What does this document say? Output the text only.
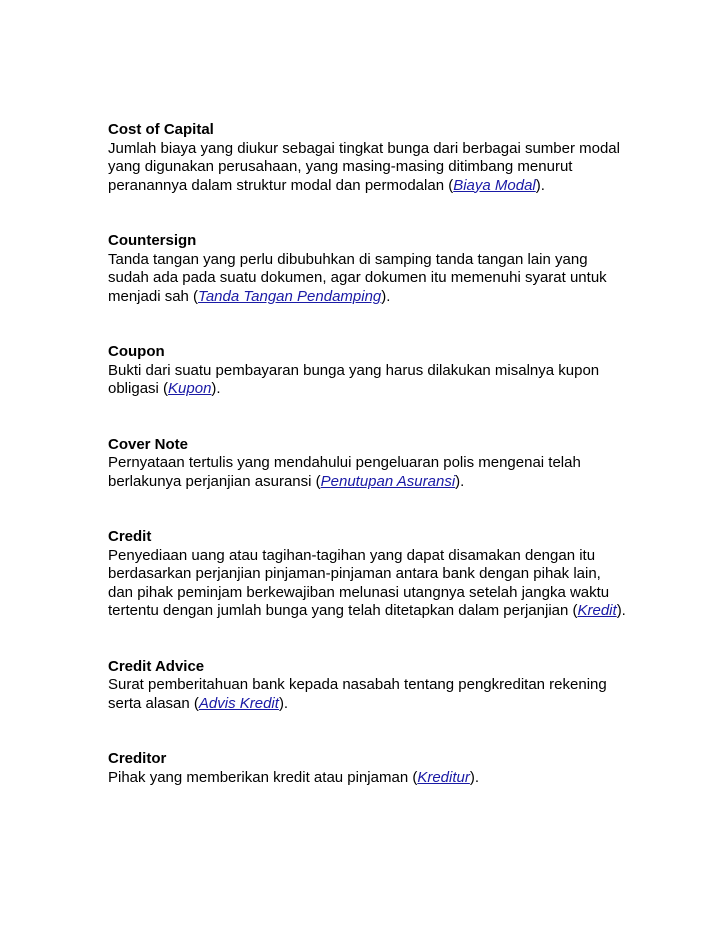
Cost of Capital

Jumlah biaya yang diukur sebagai tingkat bunga dari berbagai sumber modal yang digunakan perusahaan, yang masing-masing ditimbang menurut peranannya dalam struktur modal dan permodalan (Biaya Modal).

Countersign

Tanda tangan yang perlu dibubuhkan di samping tanda tangan lain yang sudah ada pada suatu dokumen, agar dokumen itu memenuhi syarat untuk menjadi sah (Tanda Tangan Pendamping).

Coupon

Bukti dari suatu pembayaran bunga yang harus dilakukan misalnya kupon obligasi (Kupon).

Cover Note

Pernyataan tertulis yang mendahului pengeluaran polis mengenai telah berlakunya perjanjian asuransi (Penutupan Asuransi).

Credit

Penyediaan uang atau tagihan-tagihan yang dapat disamakan dengan itu berdasarkan perjanjian pinjaman-pinjaman antara bank dengan pihak lain, dan pihak peminjam berkewajiban melunasi utangnya setelah jangka waktu tertentu dengan jumlah bunga yang telah ditetapkan dalam perjanjian (Kredit).

Credit Advice

Surat pemberitahuan bank kepada nasabah tentang pengkreditan rekening serta alasan (Advis Kredit).

Creditor

Pihak yang memberikan kredit atau pinjaman (Kreditur).
